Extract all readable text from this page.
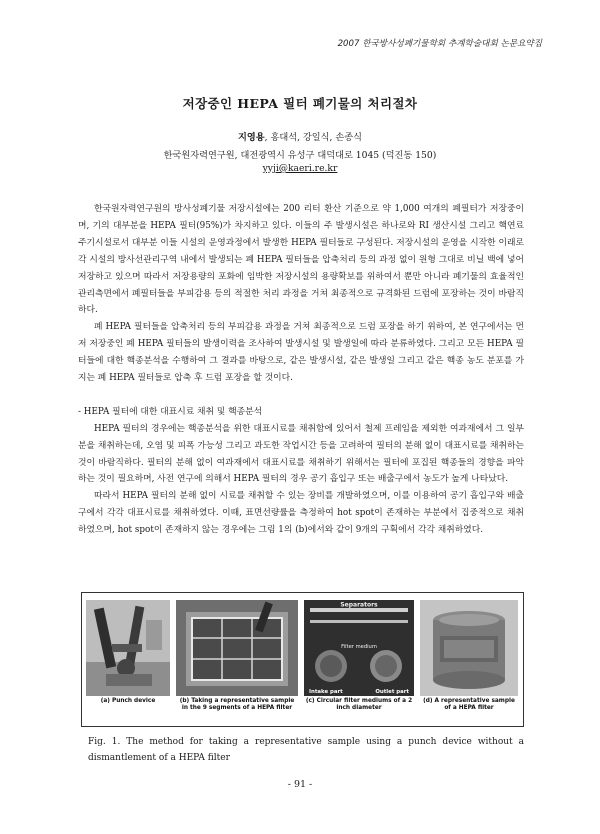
2007 한국방사성폐기물학회 추계학술대회 논문요약집
저장중인 HEPA 필터 폐기물의 처리절차
지영용, 홍대석, 강일식, 손종식
한국원자력연구원, 대전광역시 유성구 대덕대로 1045 (덕진동 150)
yyji@kaeri.re.kr

한국원자력연구원의 방사성폐기물 저장시설에는 200 리터 환산 기준으로 약 1,000 여개의 폐필터가 저장중이며, 기의 대부분을 HEPA 필터(95%)가 차지하고 있다. 이들의 주 발생시설은 하나로와 RI 생산시설 그리고 핵연료주기시설로서 대부분 이들 시설의 운영과정에서 발생한 HEPA 필터들로 구성된다. 저장시설의 운영을 시작한 이래로 각 시설의 방사선관리구역 내에서 발생되는 폐 HEPA 필터들을 압축처리 등의 과정 없이 원형 그대로 비닐 백에 넣어 저장하고 있으며 따라서 저장용량의 포화에 임박한 저장시설의 용량확보를 위하여서 뿐만 아니라 폐기물의 효율적인 관리측면에서 폐필터들을 부피감용 등의 적절한 처리 과정을 거쳐 최종적으로 규격화된 드럼에 포장하는 것이 바람직하다.

폐 HEPA 필터들을 압축처리 등의 부피감용 과정을 거쳐 최종적으로 드럼 포장을 하기 위하여, 본 연구에서는 먼저 저장중인 폐 HEPA 필터들의 발생이력을 조사하여 발생시설 및 발생일에 따라 분류하였다. 그리고 모든 HEPA 필터들에 대한 핵종분석을 수행하여 그 결과를 바탕으로, 같은 발생시설, 같은 발생일 그리고 같은 핵종 농도 분포를 가지는 폐 HEPA 필터들로 압축 후 드럼 포장을 할 것이다.

- HEPA 필터에 대한 대표시료 채취 및 핵종분석

HEPA 필터의 경우에는 핵종분석을 위한 대표시료를 채취함에 있어서 철제 프레임을 제외한 여과재에서 그 일부분을 채취하는데, 오염 및 피폭 가능성 그리고 과도한 작업시간 등을 고려하여 필터의 분해 없이 대표시료를 채취하는 것이 바람직하다. 필터의 분해 없이 여과재에서 대표시료를 채취하기 위해서는 필터에 포집된 핵종들의 경향을 파악하는 것이 필요하며, 사전 연구에 의해서 HEPA 필터의 경우 공기 흡입구 또는 배출구에서 농도가 높게 나타났다.

따라서 HEPA 필터의 분해 없이 시료를 채취할 수 있는 장비를 개발하였으며, 이를 이용하여 공기 흡입구와 배출구에서 각각 대표시료를 채취하였다. 이때, 표면선량률을 측정하여 hot spot이 존재하는 부분에서 집중적으로 채취하였으며, hot spot이 존재하지 않는 경우에는 그림 1의 (b)에서와 같이 9개의 구획에서 각각 채취하였다.

(a) Punch device	(b) Taking a representative sample in the 9 segments of a HEPA filter
Separators
Filter medium
Intake part	Outlet part
(c) Circular filter mediums of a 2 inch diameter
(d) A representative sample of a HEPA filter
Fig. 1. The method for taking a representative sample using a punch device without a dismantlement of a HEPA filter
- 91 -
